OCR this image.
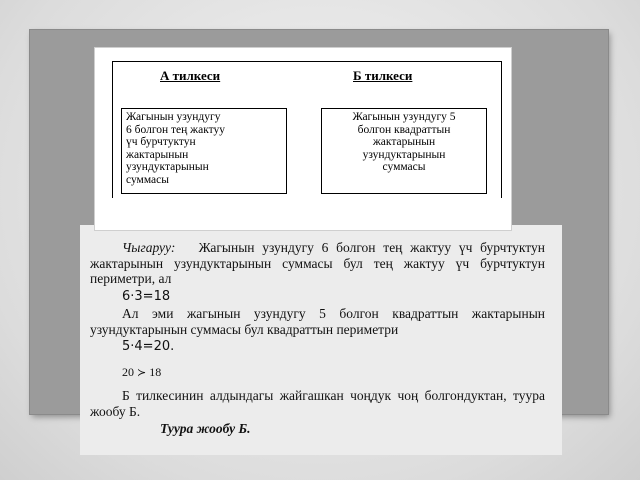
А тилкеси	Б тилкеси
Жагынын узундугу
6 болгон тең жактуу
үч бурчтуктун
жактарынын
узундуктарынын
суммасы
Жагынын узундугу 5
болгон квадраттын
жактарынын
узундуктарынын
суммасы
Чыгаруу: Жагынын узундугу 6 болгон тең жактуу үч бурчтуктун жактарынын узундуктарынын суммасы бул тең жактуу үч бурчтуктун периметри, ал
6·3=18
Ал эми жагынын узундугу 5 болгон квадраттын жактарынын узундуктарынын суммасы бул квадраттын периметри
5·4=20.
20 ≻ 18
Б тилкесинин алдындагы жайгашкан чоңдук чоң болгондуктан, туура жообу Б.
Туура жообу Б.
